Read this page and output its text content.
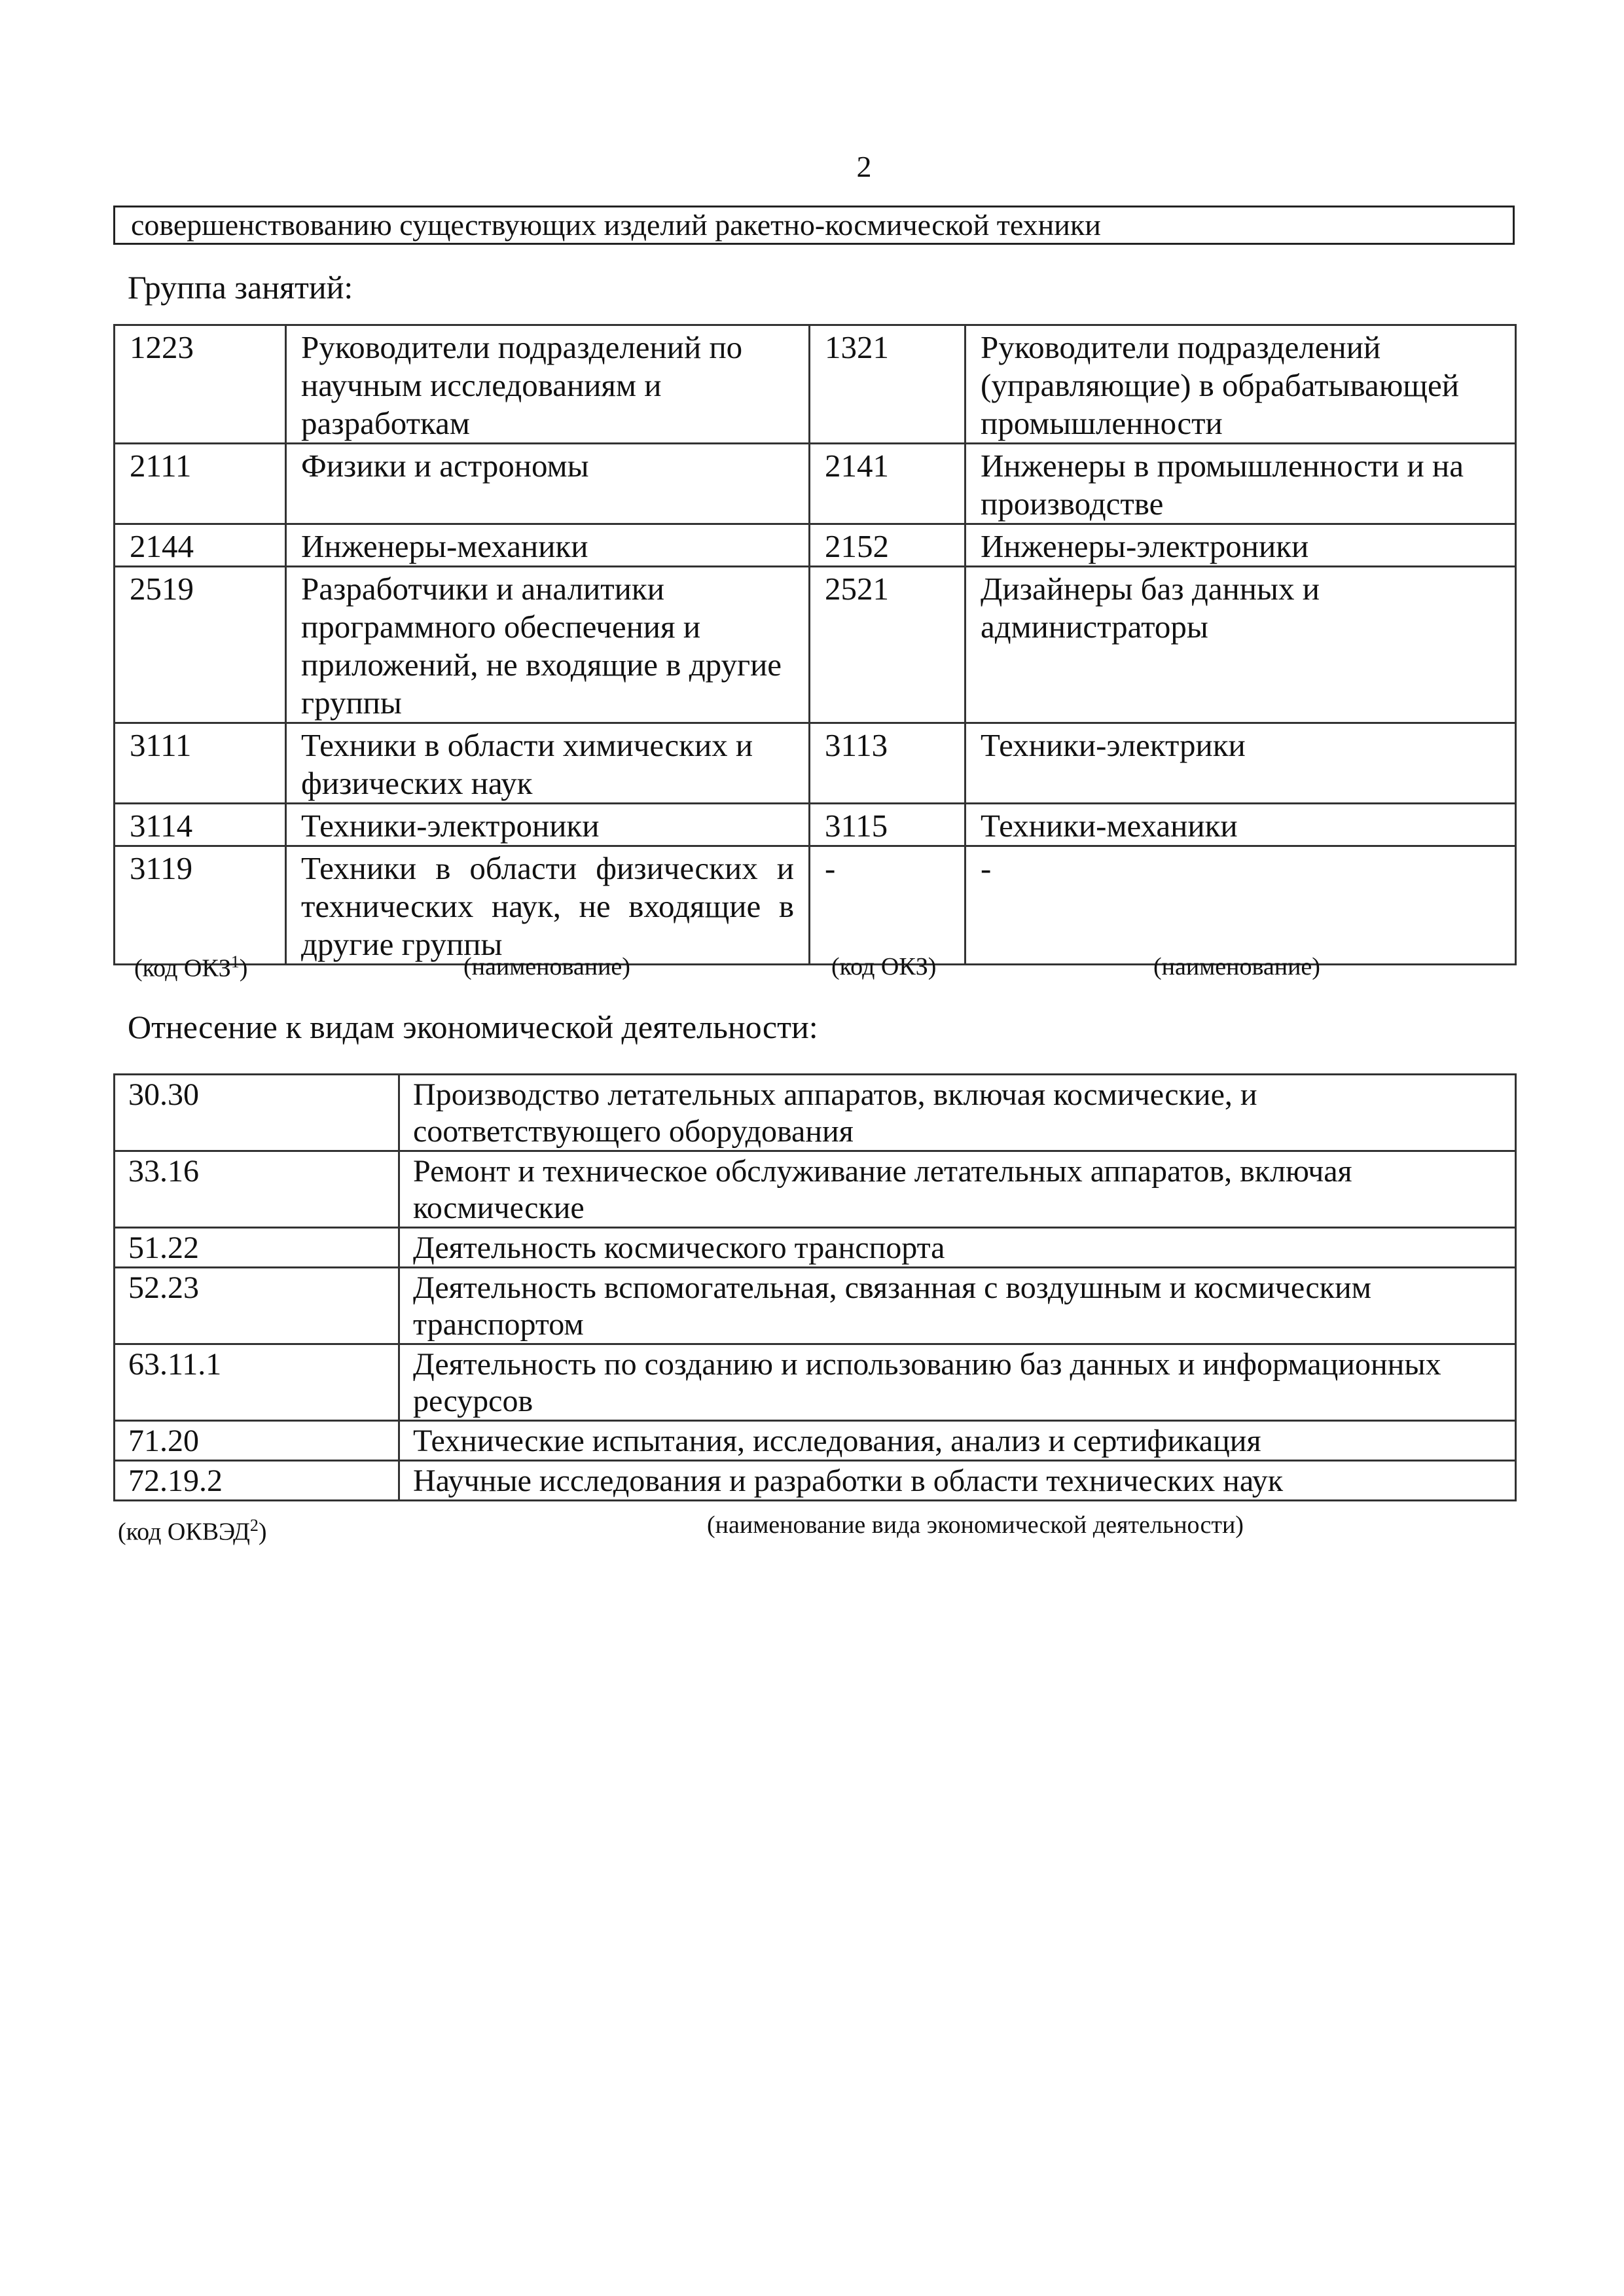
2
совершенствованию существующих изделий ракетно-космической техники
Группа занятий:
1223	Руководители подразделений по научным исследованиям и разработкам	1321	Руководители подразделений (управляющие) в обрабатывающей промышленности
2111	Физики и астрономы	2141	Инженеры в промышленности и на производстве
2144	Инженеры-механики	2152	Инженеры-электроники
2519	Разработчики и аналитики программного обеспечения и приложений, не входящие в другие группы	2521	Дизайнеры баз данных и администраторы
3111	Техники в области химических и физических наук	3113	Техники-электрики
3114	Техники-электроники	3115	Техники-механики
3119	Техники в области физических и технических наук, не входящие в другие группы	-	-
(код ОКЗ$^1$)	(наименование)	(код ОКЗ)	(наименование)
Отнесение к видам экономической деятельности:
30.30	Производство летательных аппаратов, включая космические, и соответствующего оборудования
33.16	Ремонт и техническое обслуживание летательных аппаратов, включая космические
51.22	Деятельность космического транспорта
52.23	Деятельность вспомогательная, связанная с воздушным и космическим транспортом
63.11.1	Деятельность по созданию и использованию баз данных и информационных ресурсов
71.20	Технические испытания, исследования, анализ и сертификация
72.19.2	Научные исследования и разработки в области технических наук
(код ОКВЭД$^2$)	(наименование вида экономической деятельности)
